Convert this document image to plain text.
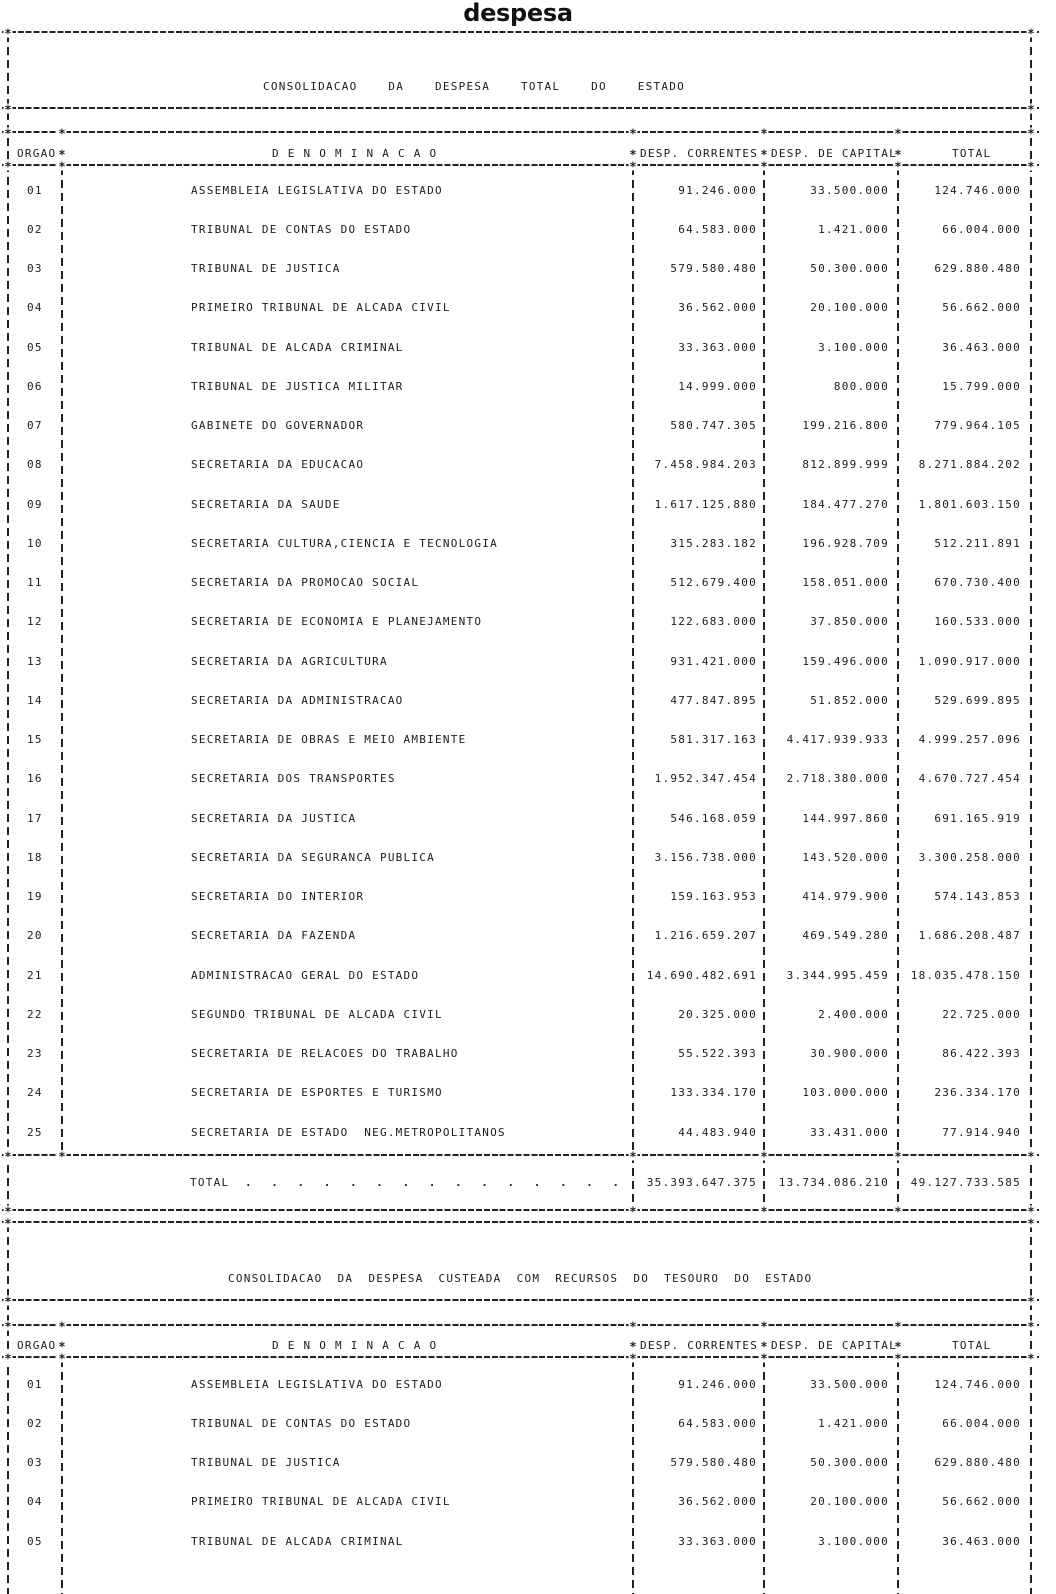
despesa
*
*
*
*
*
*
*
*
*
*
*
*
*
*
*
*
*
*
*
*
*
*
*
*
*
*
*
*
*
*
*
*
*
*
*
*
*
*
*
*
*
*
*
*
*
*
*
*
*
*
*
CONSOLIDACAO DA DESPESA TOTAL DO ESTADO
ORGAO	D E N O M I N A C A O	DESP. CORRENTES DESP. DE CAPITAL	TOTAL
01	ASSEMBLEIA LEGISLATIVA DO ESTADO	91.246.000	33.500.000	124.746.000
02	TRIBUNAL DE CONTAS DO ESTADO	64.583.000	1.421.000	66.004.000
03	TRIBUNAL DE JUSTICA	579.580.480	50.300.000	629.880.480
04	PRIMEIRO TRIBUNAL DE ALCADA CIVIL	36.562.000	20.100.000	56.662.000
05	TRIBUNAL DE ALCADA CRIMINAL	33.363.000	3.100.000	36.463.000
06	TRIBUNAL DE JUSTICA MILITAR	14.999.000	800.000	15.799.000
07	GABINETE DO GOVERNADOR	580.747.305	199.216.800	779.964.105
08	SECRETARIA DA EDUCACAO	7.458.984.203	812.899.999	8.271.884.202
09	SECRETARIA DA SAUDE	1.617.125.880	184.477.270	1.801.603.150
10	SECRETARIA CULTURA,CIENCIA E TECNOLOGIA	315.283.182	196.928.709	512.211.891
11	SECRETARIA DA PROMOCAO SOCIAL	512.679.400	158.051.000	670.730.400
12	SECRETARIA DE ECONOMIA E PLANEJAMENTO	122.683.000	37.850.000	160.533.000
13	SECRETARIA DA AGRICULTURA	931.421.000	159.496.000	1.090.917.000
14	SECRETARIA DA ADMINISTRACAO	477.847.895	51.852.000	529.699.895
15	SECRETARIA DE OBRAS E MEIO AMBIENTE	581.317.163	4.417.939.933	4.999.257.096
16	SECRETARIA DOS TRANSPORTES	1.952.347.454	2.718.380.000	4.670.727.454
17	SECRETARIA DA JUSTICA	546.168.059	144.997.860	691.165.919
18	SECRETARIA DA SEGURANCA PUBLICA	3.156.738.000	143.520.000	3.300.258.000
19	SECRETARIA DO INTERIOR	159.163.953	414.979.900	574.143.853
20	SECRETARIA DA FAZENDA	1.216.659.207	469.549.280	1.686.208.487
21	ADMINISTRACAO GERAL DO ESTADO	14.690.482.691	3.344.995.459 18.035.478.150
22	SEGUNDO TRIBUNAL DE ALCADA CIVIL	20.325.000	2.400.000	22.725.000
23	SECRETARIA DE RELACOES DO TRABALHO	55.522.393	30.900.000	86.422.393
24	SECRETARIA DE ESPORTES E TURISMO	133.334.170	103.000.000	236.334.170
25	SECRETARIA DE ESTADO  NEG.METROPOLITANOS	44.483.940	33.431.000	77.914.940
TOTAL . . . . . . . . . . . . . . . 35.393.647.375 13.734.086.210 49.127.733.585
CONSOLIDACAO DA DESPESA CUSTEADA COM RECURSOS DO TESOURO DO ESTADO
ORGAO	D E N O M I N A C A O	DESP. CORRENTES DESP. DE CAPITAL	TOTAL
01	ASSEMBLEIA LEGISLATIVA DO ESTADO	91.246.000	33.500.000	124.746.000
02	TRIBUNAL DE CONTAS DO ESTADO	64.583.000	1.421.000	66.004.000
03	TRIBUNAL DE JUSTICA	579.580.480	50.300.000	629.880.480
04	PRIMEIRO TRIBUNAL DE ALCADA CIVIL	36.562.000	20.100.000	56.662.000
05	TRIBUNAL DE ALCADA CRIMINAL	33.363.000	3.100.000	36.463.000
